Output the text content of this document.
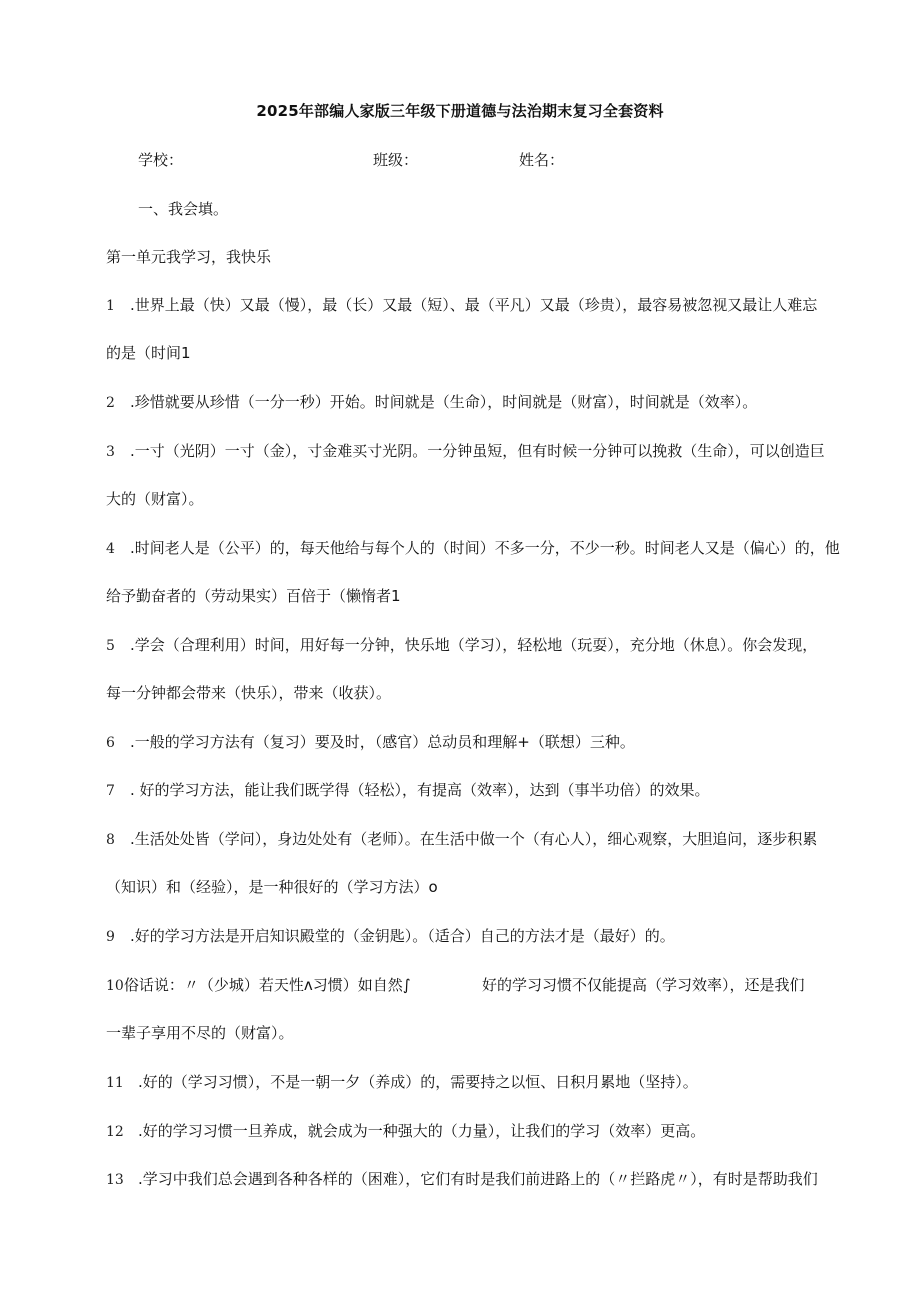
2025年部编人家版三年级下册道德与法治期末复习全套资料
学校：	班级：	姓名：
一、我会填。
第一单元我学习，我快乐
1 .世界上最（快）又最（慢），最（长）又最（短）、最（平凡）又最（珍贵），最容易被忽视又最让人难忘
的是（时间1
2 .珍惜就要从珍惜（一分一秒）开始。时间就是（生命），时间就是（财富），时间就是（效率）。
3 .一寸（光阴）一寸（金），寸金难买寸光阴。一分钟虽短，但有时候一分钟可以挽救（生命），可以创造巨
大的（财富）。
4 .时间老人是（公平）的，每天他给与每个人的（时间）不多一分，不少一秒。时间老人又是（偏心）的，他
给予勤奋者的（劳动果实）百倍于（懒惰者1
5 .学会（合理利用）时间，用好每一分钟，快乐地（学习），轻松地（玩耍），充分地（休息）。你会发现，
每一分钟都会带来（快乐），带来（收获）。
6 .一般的学习方法有（复习）要及时，（感官）总动员和理解+（联想）三种。
7 . 好的学习方法，能让我们既学得（轻松），有提高（效率），达到（事半功倍）的效果。
8 .生活处处皆（学问），身边处处有（老师）。在生活中做一个（有心人），细心观察，大胆追问，逐步积累
（知识）和（经验），是一种很好的（学习方法）o
9 .好的学习方法是开启知识殿堂的（金钥匙）。（适合）自己的方法才是（最好）的。
10俗话说：〃（少城）若天性ʌ习惯）如自然∫	好的学习习惯不仅能提高（学习效率），还是我们
一辈子享用不尽的（财富）。
11 .好的（学习习惯），不是一朝一夕（养成）的，需要持之以恒、日积月累地（坚持）。
12 .好的学习习惯一旦养成，就会成为一种强大的（力量），让我们的学习（效率）更高。
13 .学习中我们总会遇到各种各样的（困难），它们有时是我们前进路上的（〃拦路虎〃），有时是帮助我们
